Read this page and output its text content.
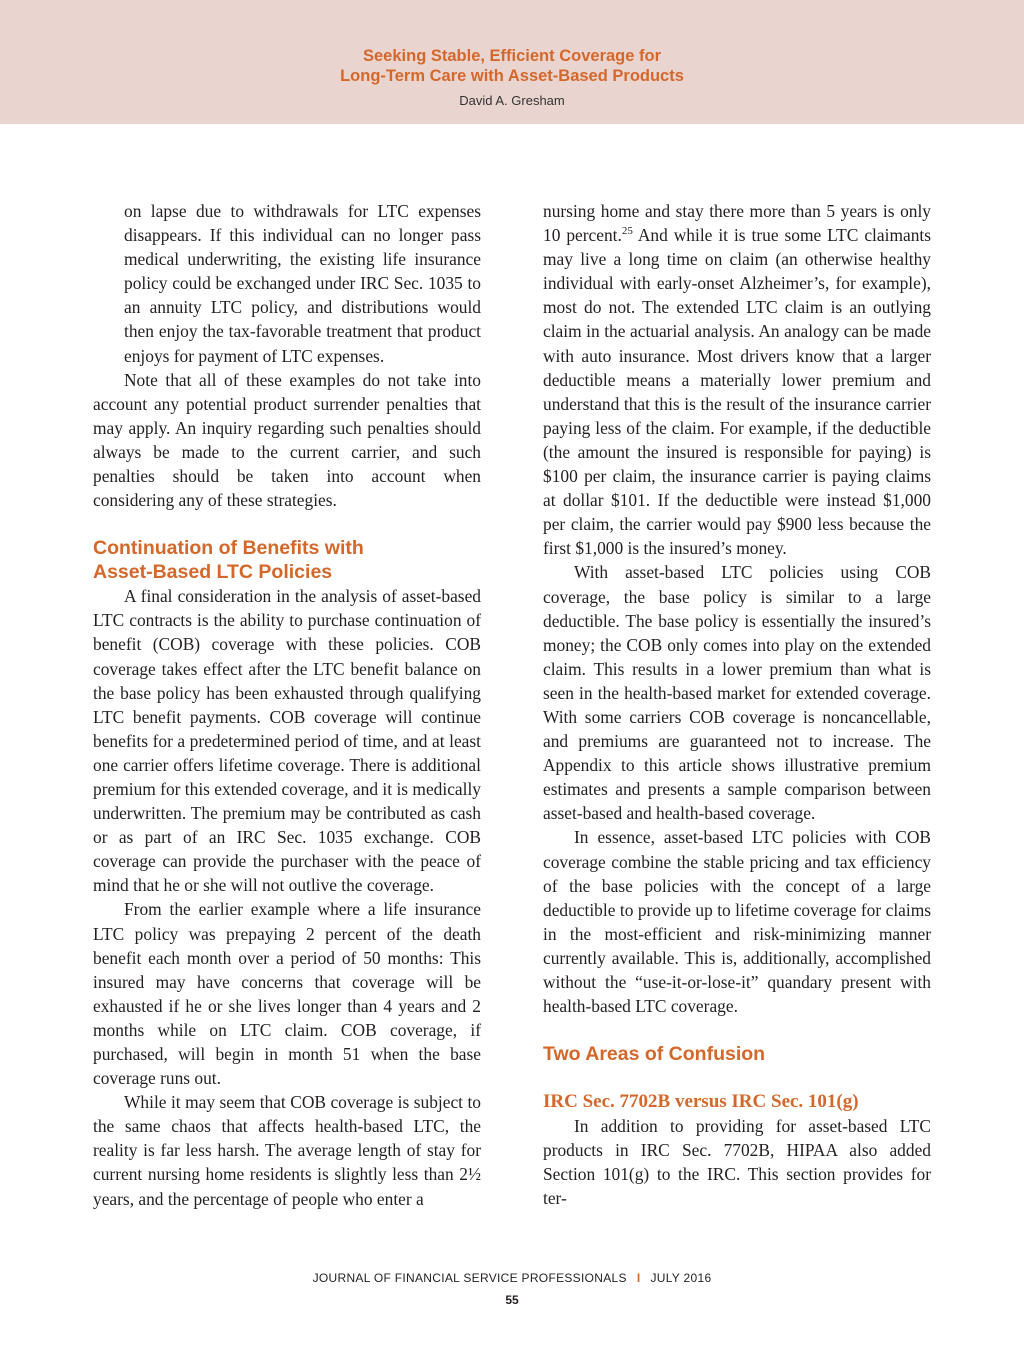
Seeking Stable, Efficient Coverage for
Long-Term Care with Asset-Based Products
David A. Gresham

on lapse due to withdrawals for LTC expenses disappears. If this individual can no longer pass medical underwriting, the existing life insurance policy could be exchanged under IRC Sec. 1035 to an annuity LTC policy, and distributions would then enjoy the tax-favorable treatment that product enjoys for payment of LTC expenses.

Note that all of these examples do not take into account any potential product surrender penalties that may apply. An inquiry regarding such penalties should always be made to the current carrier, and such penalties should be taken into account when considering any of these strategies.

Continuation of Benefits with
Asset-Based LTC Policies

A final consideration in the analysis of asset-based LTC contracts is the ability to purchase continuation of benefit (COB) coverage with these policies. COB coverage takes effect after the LTC benefit balance on the base policy has been exhausted through qualifying LTC benefit payments. COB coverage will continue benefits for a predetermined period of time, and at least one carrier offers lifetime coverage. There is additional premium for this extended coverage, and it is medically underwritten. The premium may be contributed as cash or as part of an IRC Sec. 1035 exchange. COB coverage can provide the purchaser with the peace of mind that he or she will not outlive the coverage.

From the earlier example where a life insurance LTC policy was prepaying 2 percent of the death benefit each month over a period of 50 months: This insured may have concerns that coverage will be exhausted if he or she lives longer than 4 years and 2 months while on LTC claim. COB coverage, if purchased, will begin in month 51 when the base coverage runs out.

While it may seem that COB coverage is subject to the same chaos that affects health-based LTC, the reality is far less harsh. The average length of stay for current nursing home residents is slightly less than 2½ years, and the percentage of people who enter a

nursing home and stay there more than 5 years is only 10 percent.$^{25}$ And while it is true some LTC claimants may live a long time on claim (an otherwise healthy individual with early-onset Alzheimer’s, for example), most do not. The extended LTC claim is an outlying claim in the actuarial analysis. An analogy can be made with auto insurance. Most drivers know that a larger deductible means a materially lower premium and understand that this is the result of the insurance carrier paying less of the claim. For example, if the deductible (the amount the insured is responsible for paying) is $100 per claim, the insurance carrier is paying claims at dollar $101. If the deductible were instead $1,000 per claim, the carrier would pay $900 less because the first $1,000 is the insured’s money.

With asset-based LTC policies using COB coverage, the base policy is similar to a large deductible. The base policy is essentially the insured’s money; the COB only comes into play on the extended claim. This results in a lower premium than what is seen in the health-based market for extended coverage. With some carriers COB coverage is noncancellable, and premiums are guaranteed not to increase. The Appendix to this article shows illustrative premium estimates and presents a sample comparison between asset-based and health-based coverage.

In essence, asset-based LTC policies with COB coverage combine the stable pricing and tax efficiency of the base policies with the concept of a large deductible to provide up to lifetime coverage for claims in the most-efficient and risk-minimizing manner currently available. This is, additionally, accomplished without the “use-it-or-lose-it” quandary present with health-based LTC coverage.

Two Areas of Confusion
IRC Sec. 7702B versus IRC Sec. 101(g)

In addition to providing for asset-based LTC products in IRC Sec. 7702B, HIPAA also added Section 101(g) to the IRC. This section provides for ter-

JOURNAL OF FINANCIAL SERVICE PROFESSIONALS I JULY 2016
55
